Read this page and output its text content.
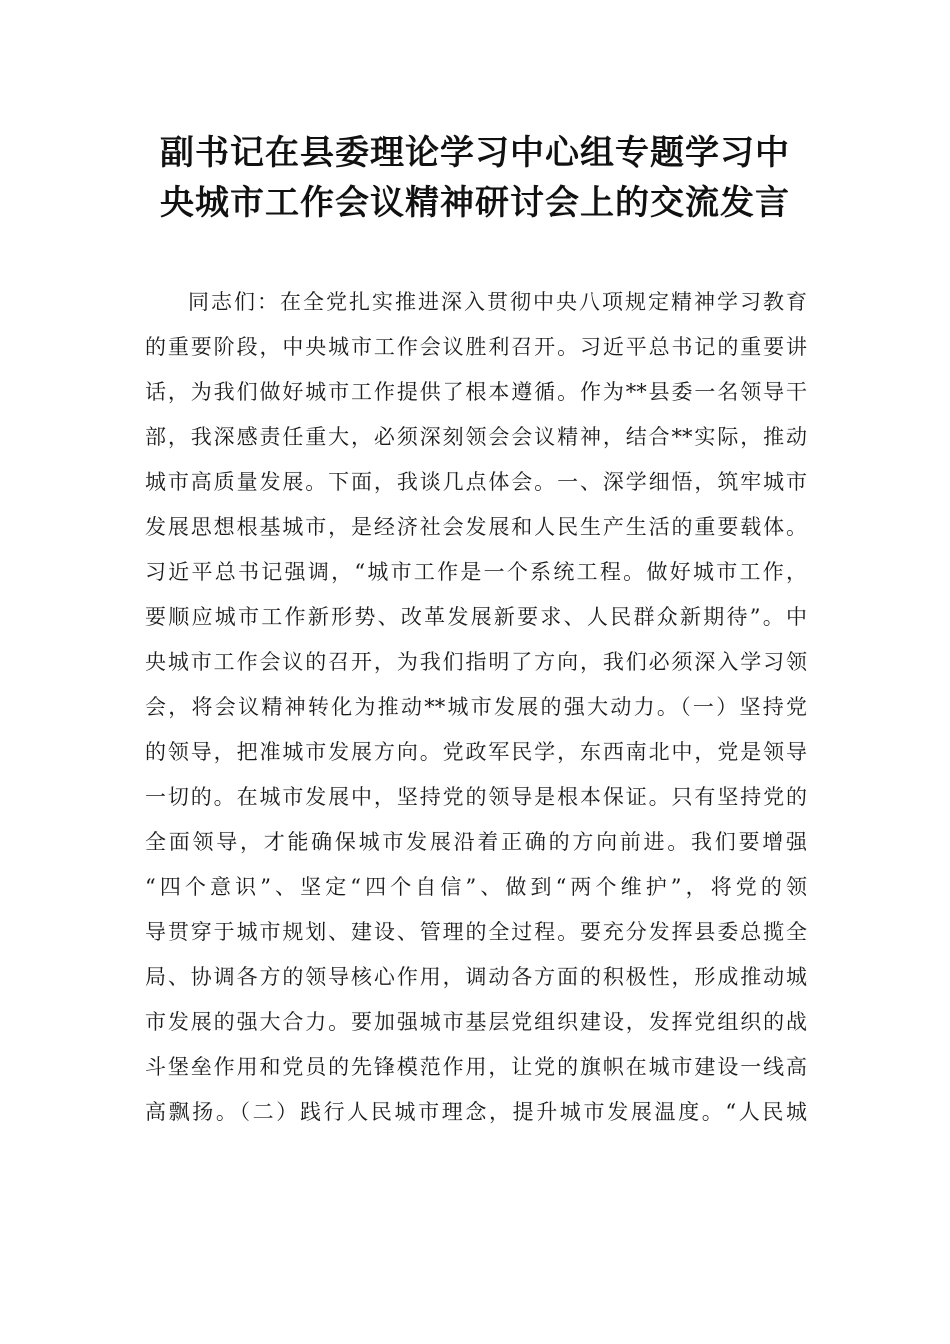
副书记在县委理论学习中心组专题学习中
央城市工作会议精神研讨会上的交流发言
同志们：在全党扎实推进深入贯彻中央八项规定精神学习教育
的重要阶段，中央城市工作会议胜利召开。习近平总书记的重要讲
话，为我们做好城市工作提供了根本遵循。作为**县委一名领导干
部，我深感责任重大，必须深刻领会会议精神，结合**实际，推动
城市高质量发展。下面，我谈几点体会。一、深学细悟，筑牢城市
发展思想根基城市，是经济社会发展和人民生产生活的重要载体。
习近平总书记强调，“城市工作是一个系统工程。做好城市工作，
要顺应城市工作新形势、改革发展新要求、人民群众新期待”。中
央城市工作会议的召开，为我们指明了方向，我们必须深入学习领
会，将会议精神转化为推动**城市发展的强大动力。（一）坚持党
的领导，把准城市发展方向。党政军民学，东西南北中，党是领导
一切的。在城市发展中，坚持党的领导是根本保证。只有坚持党的
全面领导，才能确保城市发展沿着正确的方向前进。我们要增强
“四个意识”、坚定“四个自信”、做到“两个维护”，将党的领
导贯穿于城市规划、建设、管理的全过程。要充分发挥县委总揽全
局、协调各方的领导核心作用，调动各方面的积极性，形成推动城
市发展的强大合力。要加强城市基层党组织建设，发挥党组织的战
斗堡垒作用和党员的先锋模范作用，让党的旗帜在城市建设一线高
高飘扬。（二）践行人民城市理念，提升城市发展温度。“人民城
